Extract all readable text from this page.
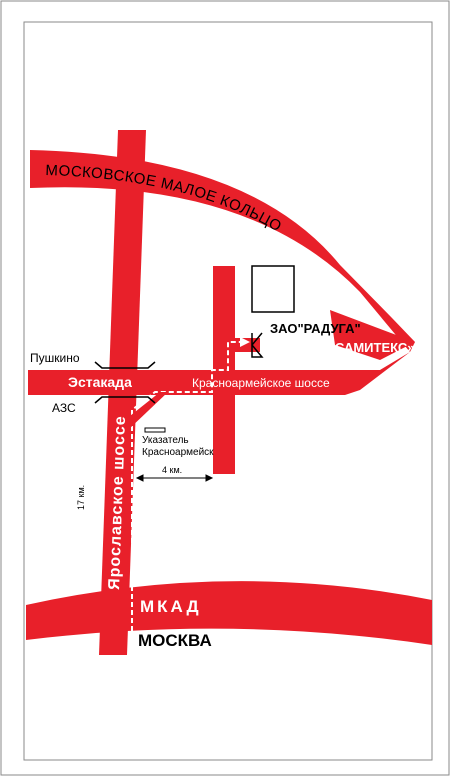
МОСКОВСКОЕ МАЛОЕ КОЛЬЦО
Ярославское шоссе
Эстакада	Красноармейское шоссе
Пушкино
АЗС
Указатель
Красноармейск
4 км.
17 км.
ЗАО"РАДУГА"
ООО «ТД «САМИТЕКС»
МКАД
МОСКВА
